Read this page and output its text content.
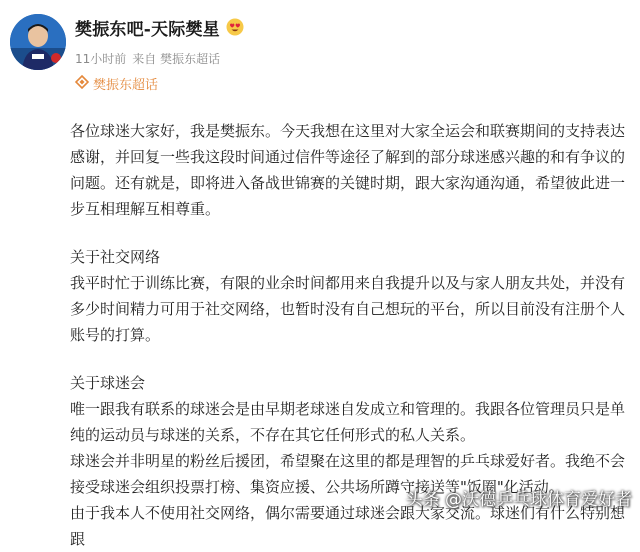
樊振东吧-天际樊星
11小时前 来自 樊振东超话
樊振东超话

各位球迷大家好，我是樊振东。今天我想在这里对大家全运会和联赛期间的支持表达感谢，并回复一些我这段时间通过信件等途径了解到的部分球迷感兴趣的和有争议的问题。还有就是，即将进入备战世锦赛的关键时期，跟大家沟通沟通，希望彼此进一步互相理解互相尊重。

关于社交网络

我平时忙于训练比赛，有限的业余时间都用来自我提升以及与家人朋友共处，并没有多少时间精力可用于社交网络，也暂时没有自己想玩的平台，所以目前没有注册个人账号的打算。

关于球迷会

唯一跟我有联系的球迷会是由早期老球迷自发成立和管理的。我跟各位管理员只是单纯的运动员与球迷的关系，不存在其它任何形式的私人关系。

球迷会并非明星的粉丝后援团，希望聚在这里的都是理智的乒乓球爱好者。我绝不会接受球迷会组织投票打榜、集资应援、公共场所蹲守接送等"饭圈"化活动。

由于我本人不使用社交网络，偶尔需要通过球迷会跟大家交流。球迷们有什么特别想跟

头条 @沃德乒乓球体育爱好者
